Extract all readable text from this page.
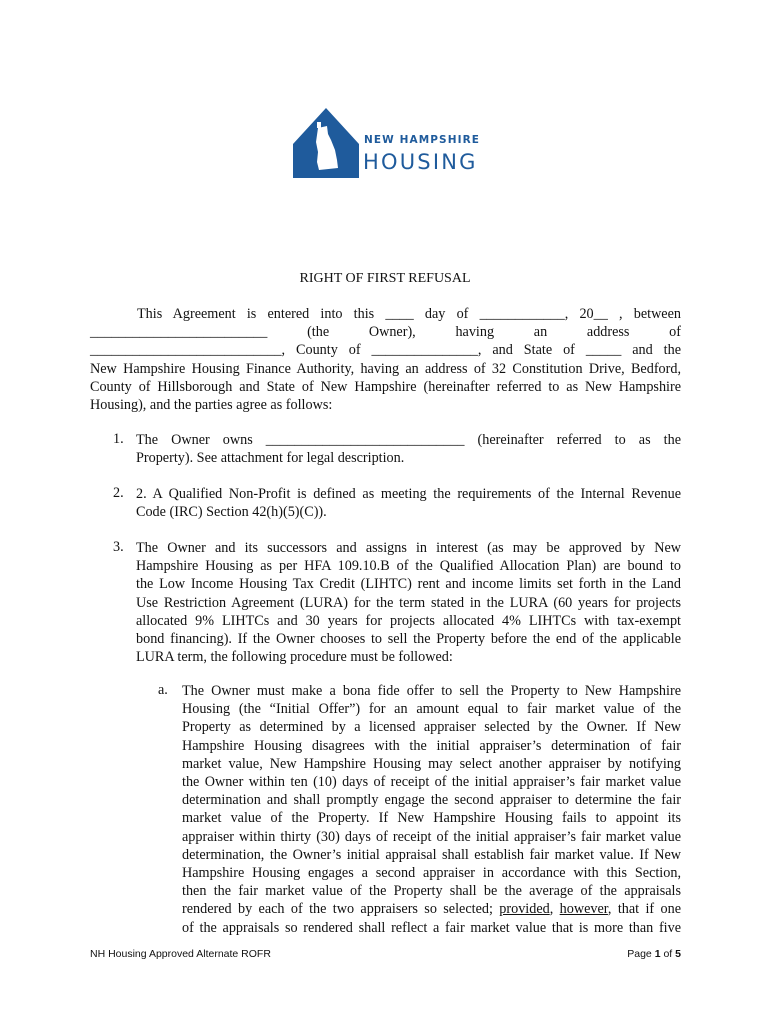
NEW HAMPSHIRE
HOUSING
RIGHT OF FIRST REFUSAL
This Agreement is entered into this ____ day of ____________, 20__ , between
_________________________ (the Owner), having an address of
___________________________, County of _______________, and State of _____ and the
New Hampshire Housing Finance Authority, having an address of 32 Constitution Drive, Bedford,
County of Hillsborough and State of New Hampshire (hereinafter referred to as New Hampshire
Housing), and the parties agree as follows:
1. The Owner owns ____________________________ (hereinafter referred to as the
Property). See attachment for legal description.
2. 2. A Qualified Non-Profit is defined as meeting the requirements of the Internal Revenue
Code (IRC) Section 42(h)(5)(C)).
3. The Owner and its successors and assigns in interest (as may be approved by New
Hampshire Housing as per HFA 109.10.B of the Qualified Allocation Plan) are bound to
the Low Income Housing Tax Credit (LIHTC) rent and income limits set forth in the Land
Use Restriction Agreement (LURA) for the term stated in the LURA (60 years for projects
allocated 9% LIHTCs and 30 years for projects allocated 4% LIHTCs with tax-exempt
bond financing). If the Owner chooses to sell the Property before the end of the applicable
LURA term, the following procedure must be followed:
a. The Owner must make a bona fide offer to sell the Property to New Hampshire
Housing (the “Initial Offer”) for an amount equal to fair market value of the
Property as determined by a licensed appraiser selected by the Owner. If New
Hampshire Housing disagrees with the initial appraiser’s determination of fair
market value, New Hampshire Housing may select another appraiser by notifying
the Owner within ten (10) days of receipt of the initial appraiser’s fair market value
determination and shall promptly engage the second appraiser to determine the fair
market value of the Property. If New Hampshire Housing fails to appoint its
appraiser within thirty (30) days of receipt of the initial appraiser’s fair market value
determination, the Owner’s initial appraisal shall establish fair market value. If New
Hampshire Housing engages a second appraiser in accordance with this Section,
then the fair market value of the Property shall be the average of the appraisals
rendered by each of the two appraisers so selected; provided, however, that if one
of the appraisals so rendered shall reflect a fair market value that is more than five
NH Housing Approved Alternate ROFR	Page 1 of 5
